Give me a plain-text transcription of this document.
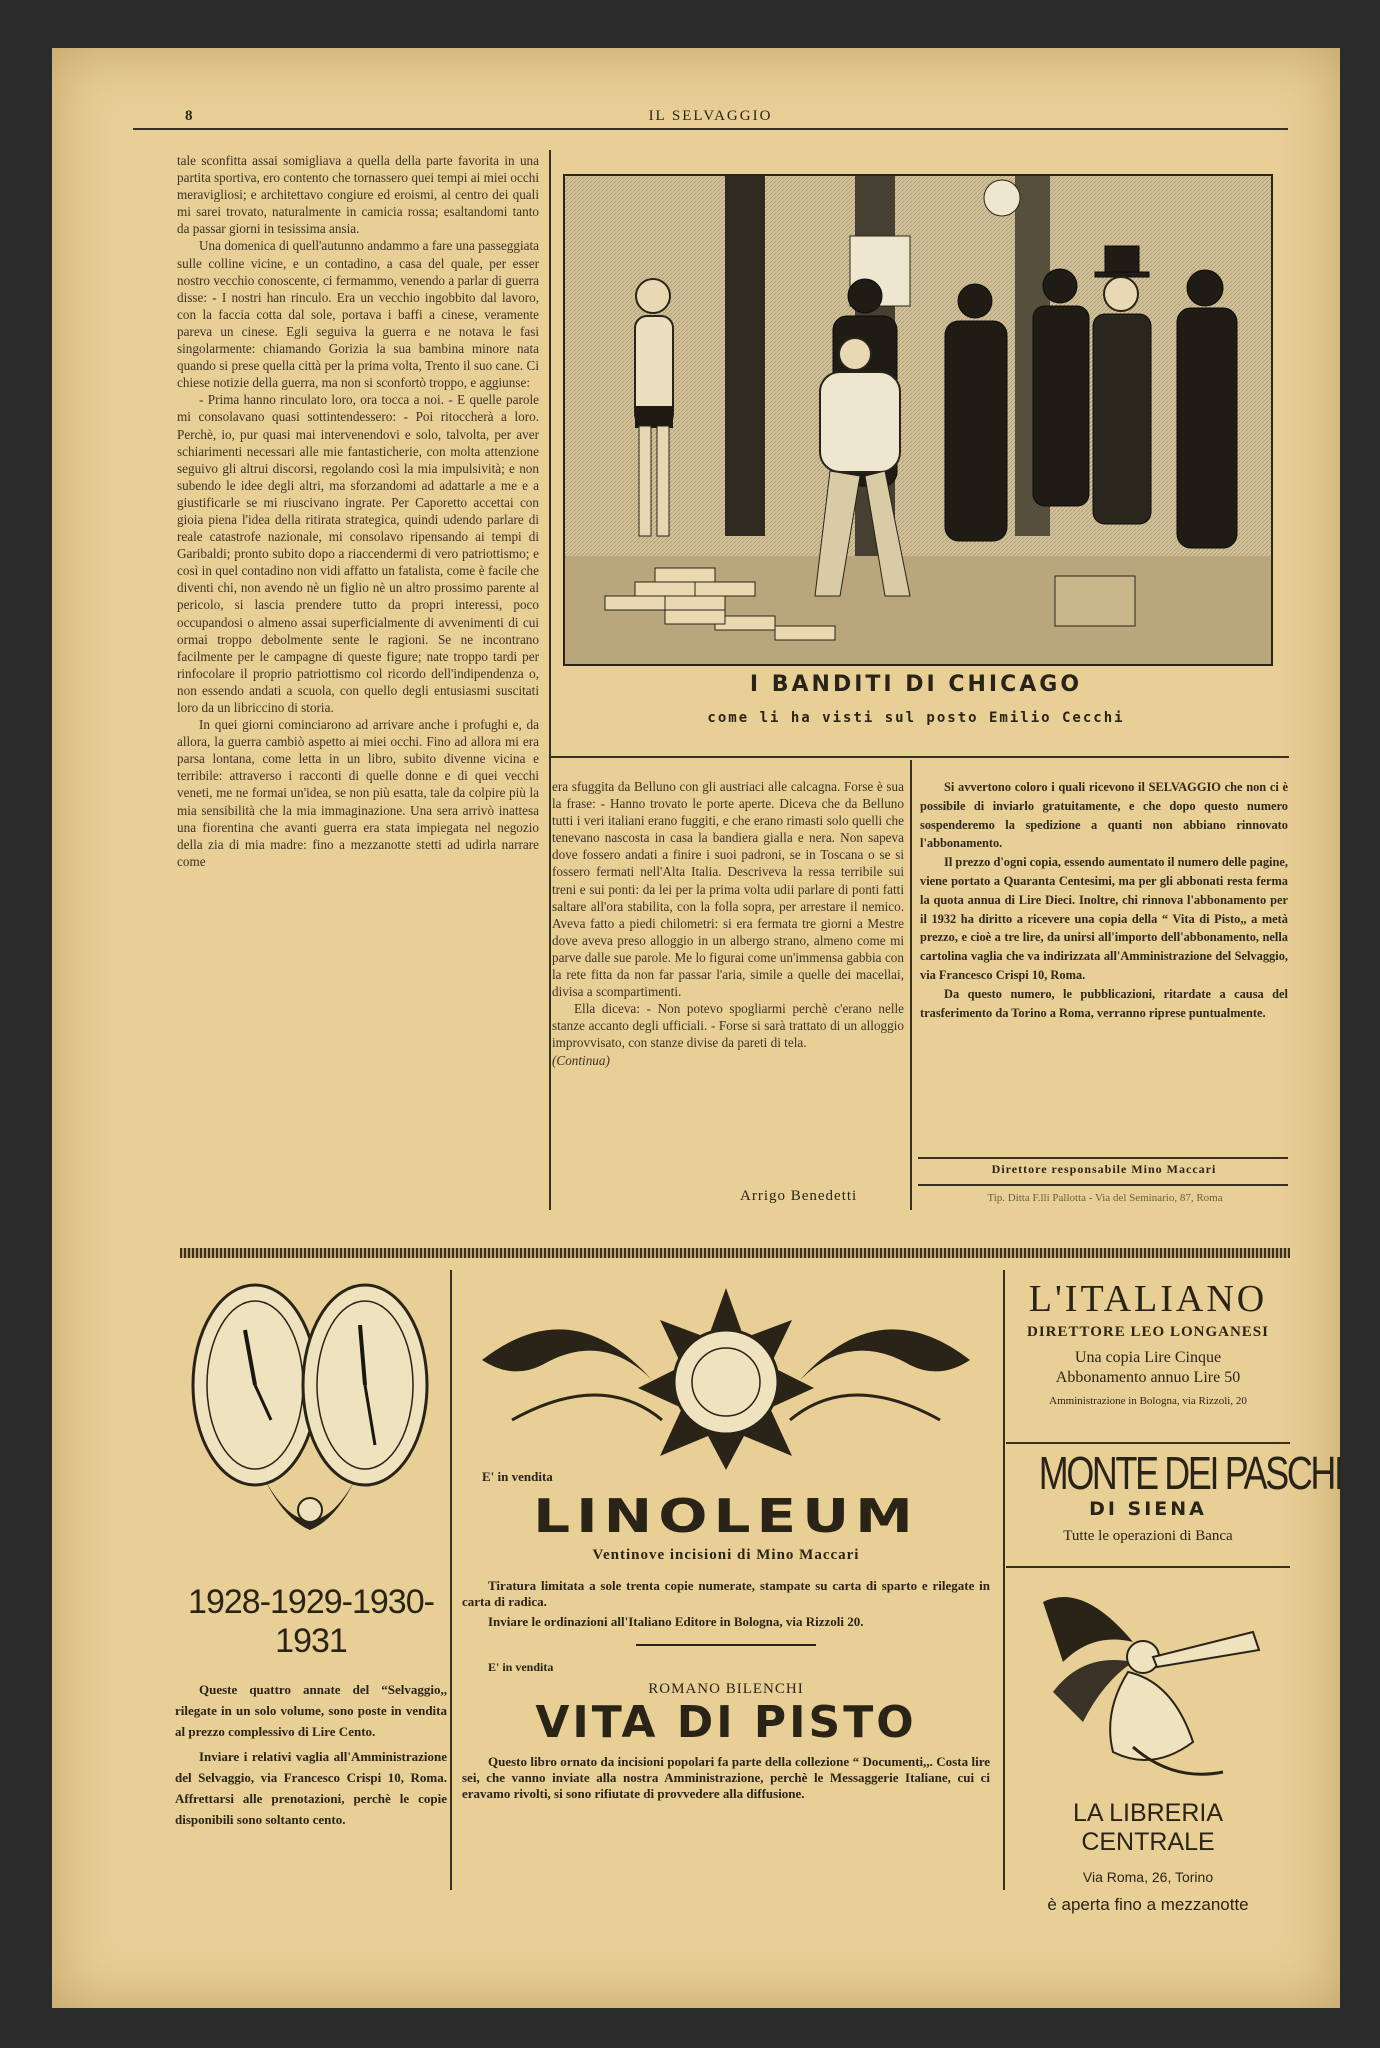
8	IL SELVAGGIO

tale sconfitta assai somigliava a quella della parte favorita in una partita sportiva, ero contento che tornassero quei tempi ai miei occhi meravigliosi; e architettavo congiure ed eroismi, al centro dei quali mi sarei trovato, naturalmente in camicia rossa; esaltandomi tanto da passar giorni in tesissima ansia.

Una domenica di quell'autunno andammo a fare una passeggiata sulle colline vicine, e un contadino, a casa del quale, per esser nostro vecchio conoscente, ci fermammo, venendo a parlar di guerra disse: - I nostri han rinculo. Era un vecchio ingobbito dal lavoro, con la faccia cotta dal sole, portava i baffi a cinese, veramente pareva un cinese. Egli seguiva la guerra e ne notava le fasi singolarmente: chiamando Gorizia la sua bambina minore nata quando si prese quella città per la prima volta, Trento il suo cane. Ci chiese notizie della guerra, ma non si sconfortò troppo, e aggiunse:

- Prima hanno rinculato loro, ora tocca a noi. - E quelle parole mi consolavano quasi sottintendessero: - Poi ritoccherà a loro. Perchè, io, pur quasi mai intervenendovi e solo, talvolta, per aver schiarimenti necessari alle mie fantasticherie, con molta attenzione seguivo gli altrui discorsi, regolando così la mia impulsività; e non subendo le idee degli altri, ma sforzandomi ad adattarle a me e a giustificarle se mi riuscivano ingrate. Per Caporetto accettai con gioia piena l'idea della ritirata strategica, quindi udendo parlare di reale catastrofe nazionale, mi consolavo ripensando ai tempi di Garibaldi; pronto subito dopo a riaccendermi di vero patriottismo; e così in quel contadino non vidi affatto un fatalista, come è facile che diventi chi, non avendo nè un figlio nè un altro prossimo parente al pericolo, si lascia prendere tutto da propri interessi, poco occupandosi o almeno assai superficialmente di avvenimenti di cui ormai troppo debolmente sente le ragioni. Se ne incontrano facilmente per le campagne di queste figure; nate troppo tardi per rinfocolare il proprio patriottismo col ricordo dell'indipendenza o, non essendo andati a scuola, con quello degli entusiasmi suscitati loro da un libriccino di storia.

In quei giorni cominciarono ad arrivare anche i profughi e, da allora, la guerra cambiò aspetto ai miei occhi. Fino ad allora mi era parsa lontana, come letta in un libro, subito divenne vicina e terribile: attraverso i racconti di quelle donne e di quei vecchi veneti, me ne formai un'idea, se non più esatta, tale da colpire più la mia sensibilità che la mia immaginazione. Una sera arrivò inattesa una fiorentina che avanti guerra era stata impiegata nel negozio della zia di mia madre: fino a mezzanotte stetti ad udirla narrare come

I BANDITI DI CHICAGO
come li ha visti sul posto Emilio Cecchi

era sfuggita da Belluno con gli austriaci alle calcagna. Forse è sua la frase: - Hanno trovato le porte aperte. Diceva che da Belluno tutti i veri italiani erano fuggiti, e che erano rimasti solo quelli che tenevano nascosta in casa la bandiera gialla e nera. Non sapeva dove fossero andati a finire i suoi padroni, se in Toscana o se si fossero fermati nell'Alta Italia. Descriveva la ressa terribile sui treni e sui ponti: da lei per la prima volta udii parlare di ponti fatti saltare all'ora stabilita, con la folla sopra, per arrestare il nemico. Aveva fatto a piedi chilometri: si era fermata tre giorni a Mestre dove aveva preso alloggio in un albergo strano, almeno come mi parve dalle sue parole. Me lo figurai come un'immensa gabbia con la rete fitta da non far passar l'aria, simile a quelle dei macellai, divisa a scompartimenti.

Ella diceva: - Non potevo spogliarmi perchè c'erano nelle stanze accanto degli ufficiali. - Forse si sarà trattato di un alloggio improvvisato, con stanze divise da pareti di tela.

(Continua)

Arrigo Benedetti

Si avvertono coloro i quali ricevono il SELVAGGIO che non ci è possibile di inviarlo gratuitamente, e che dopo questo numero sospenderemo la spedizione a quanti non abbiano rinnovato l'abbonamento.

Il prezzo d'ogni copia, essendo aumentato il numero delle pagine, viene portato a Quaranta Centesimi, ma per gli abbonati resta ferma la quota annua di Lire Dieci. Inoltre, chi rinnova l'abbonamento per il 1932 ha diritto a ricevere una copia della “ Vita di Pisto,, a metà prezzo, e cioè a tre lire, da unirsi all'importo dell'abbonamento, nella cartolina vaglia che va indirizzata all'Amministrazione del Selvaggio, via Francesco Crispi 10, Roma.

Da questo numero, le pubblicazioni, ritardate a causa del trasferimento da Torino a Roma, verranno riprese puntualmente.

Direttore responsabile Mino Maccari
Tip. Ditta F.lli Pallotta - Via del Seminario, 87, Roma
1928-1929-1930-1931
Queste quattro annate del “Selvaggio,, rilegate in un solo volume, sono poste in vendita al prezzo complessivo di Lire Cento.
Inviare i relativi vaglia all'Amministrazione del Selvaggio, via Francesco Crispi 10, Roma. Affrettarsi alle prenotazioni, perchè le copie disponibili sono soltanto cento.
E' in vendita
LINOLEUM
Ventinove incisioni di Mino Maccari
Tiratura limitata a sole trenta copie numerate, stampate su carta di sparto e rilegate in carta di radica.
Inviare le ordinazioni all'Italiano Editore in Bologna, via Rizzoli 20.
E' in vendita
ROMANO BILENCHI
VITA DI PISTO
Questo libro ornato da incisioni popolari fa parte della collezione “ Documenti,,. Costa lire sei, che vanno inviate alla nostra Amministrazione, perchè le Messaggerie Italiane, cui ci eravamo rivolti, si sono rifiutate di provvedere alla diffusione.
L'ITALIANO
DIRETTORE LEO LONGANESI
Una copia Lire Cinque
Abbonamento annuo Lire 50
Amministrazione in Bologna, via Rizzoli, 20
MONTE DEI PASCHI
DI SIENA
Tutte le operazioni di Banca
LA LIBRERIA CENTRALE
Via Roma, 26, Torino
è aperta fino a mezzanotte
